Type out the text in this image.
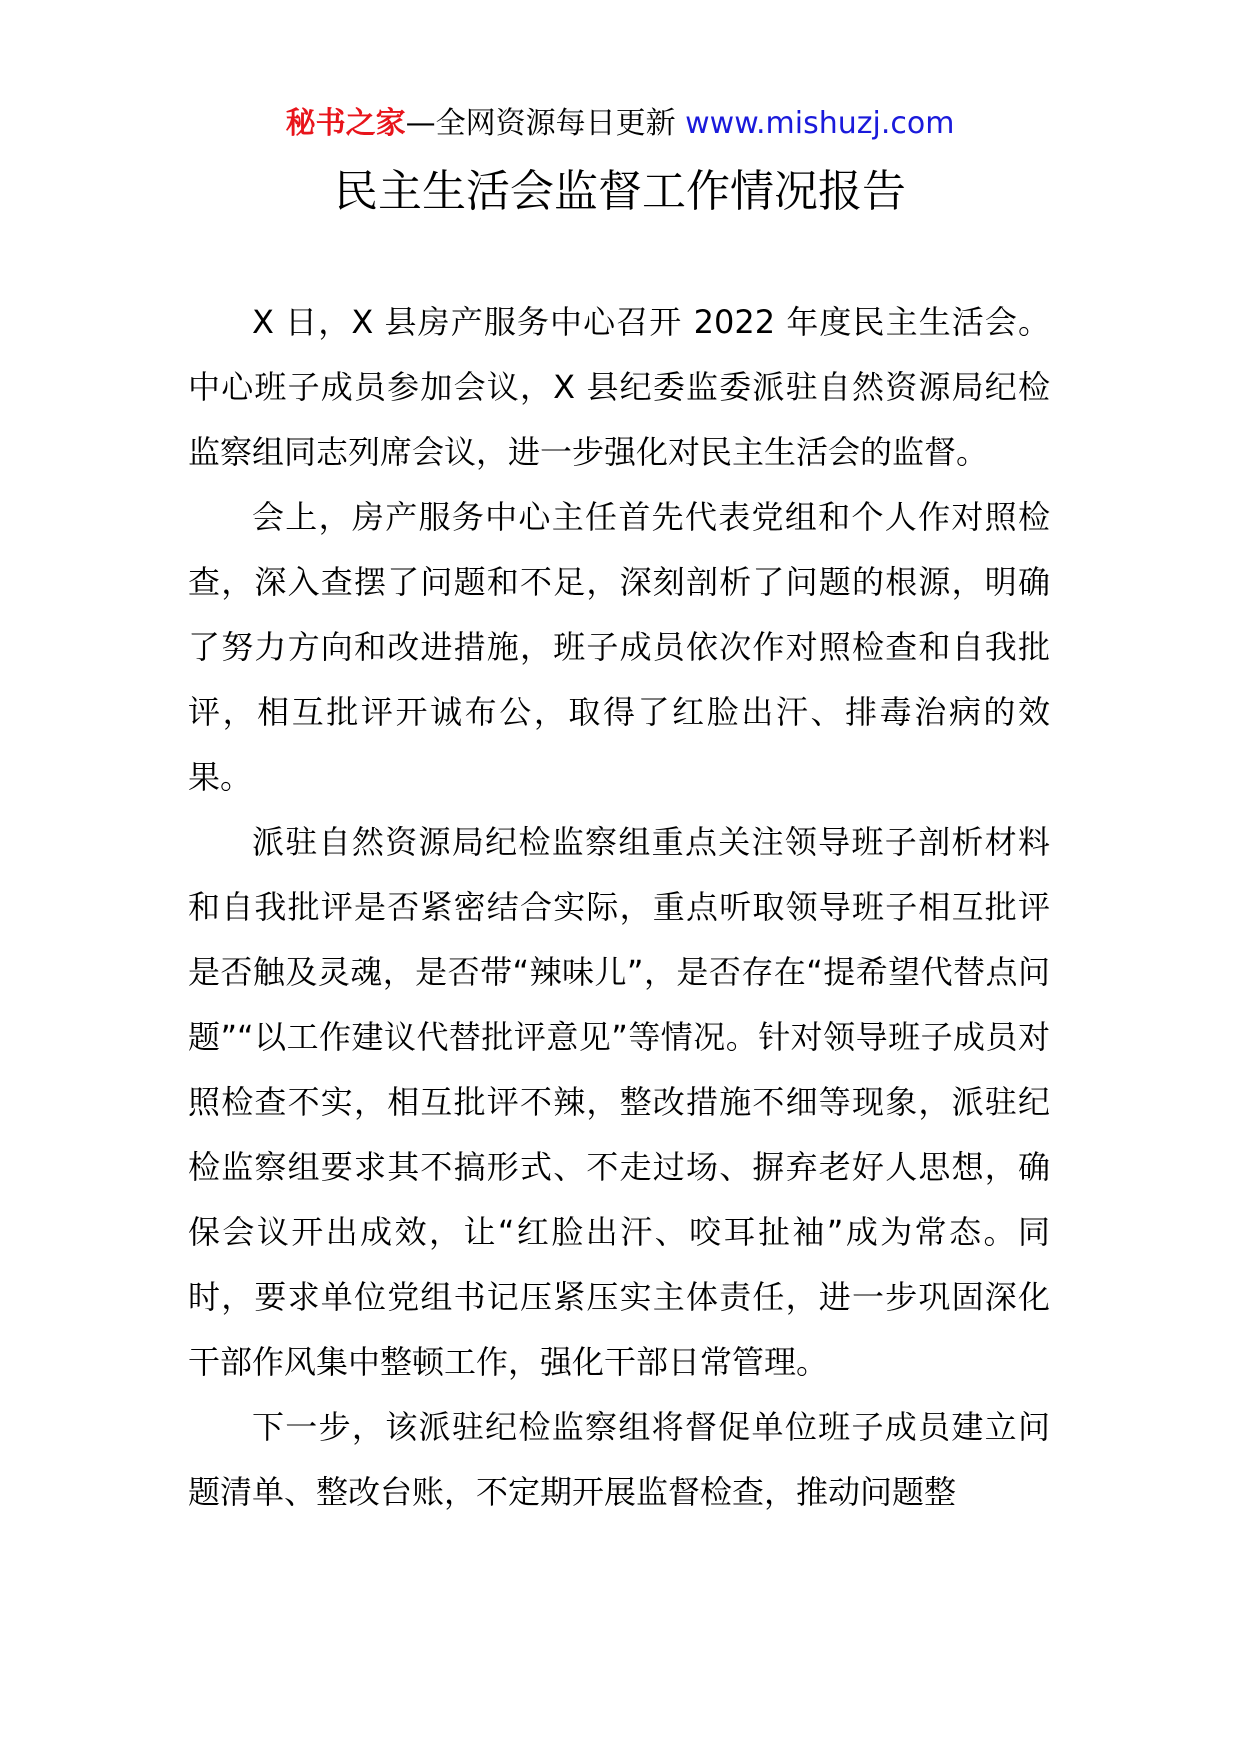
秘书之家—全网资源每日更新 www.mishuzj.com
民主生活会监督工作情况报告

X 日，X 县房产服务中心召开 2022 年度民主生活会。中心班子成员参加会议，X 县纪委监委派驻自然资源局纪检监察组同志列席会议，进一步强化对民主生活会的监督。

会上，房产服务中心主任首先代表党组和个人作对照检查，深入查摆了问题和不足，深刻剖析了问题的根源，明确了努力方向和改进措施，班子成员依次作对照检查和自我批评，相互批评开诚布公，取得了红脸出汗、排毒治病的效果。

派驻自然资源局纪检监察组重点关注领导班子剖析材料和自我批评是否紧密结合实际，重点听取领导班子相互批评是否触及灵魂，是否带“辣味儿”，是否存在“提希望代替点问题”“以工作建议代替批评意见”等情况。针对领导班子成员对照检查不实，相互批评不辣，整改措施不细等现象，派驻纪检监察组要求其不搞形式、不走过场、摒弃老好人思想，确保会议开出成效，让“红脸出汗、咬耳扯袖”成为常态。同时，要求单位党组书记压紧压实主体责任，进一步巩固深化干部作风集中整顿工作，强化干部日常管理。

下一步，该派驻纪检监察组将督促单位班子成员建立问题清单、整改台账，不定期开展监督检查，推动问题整
